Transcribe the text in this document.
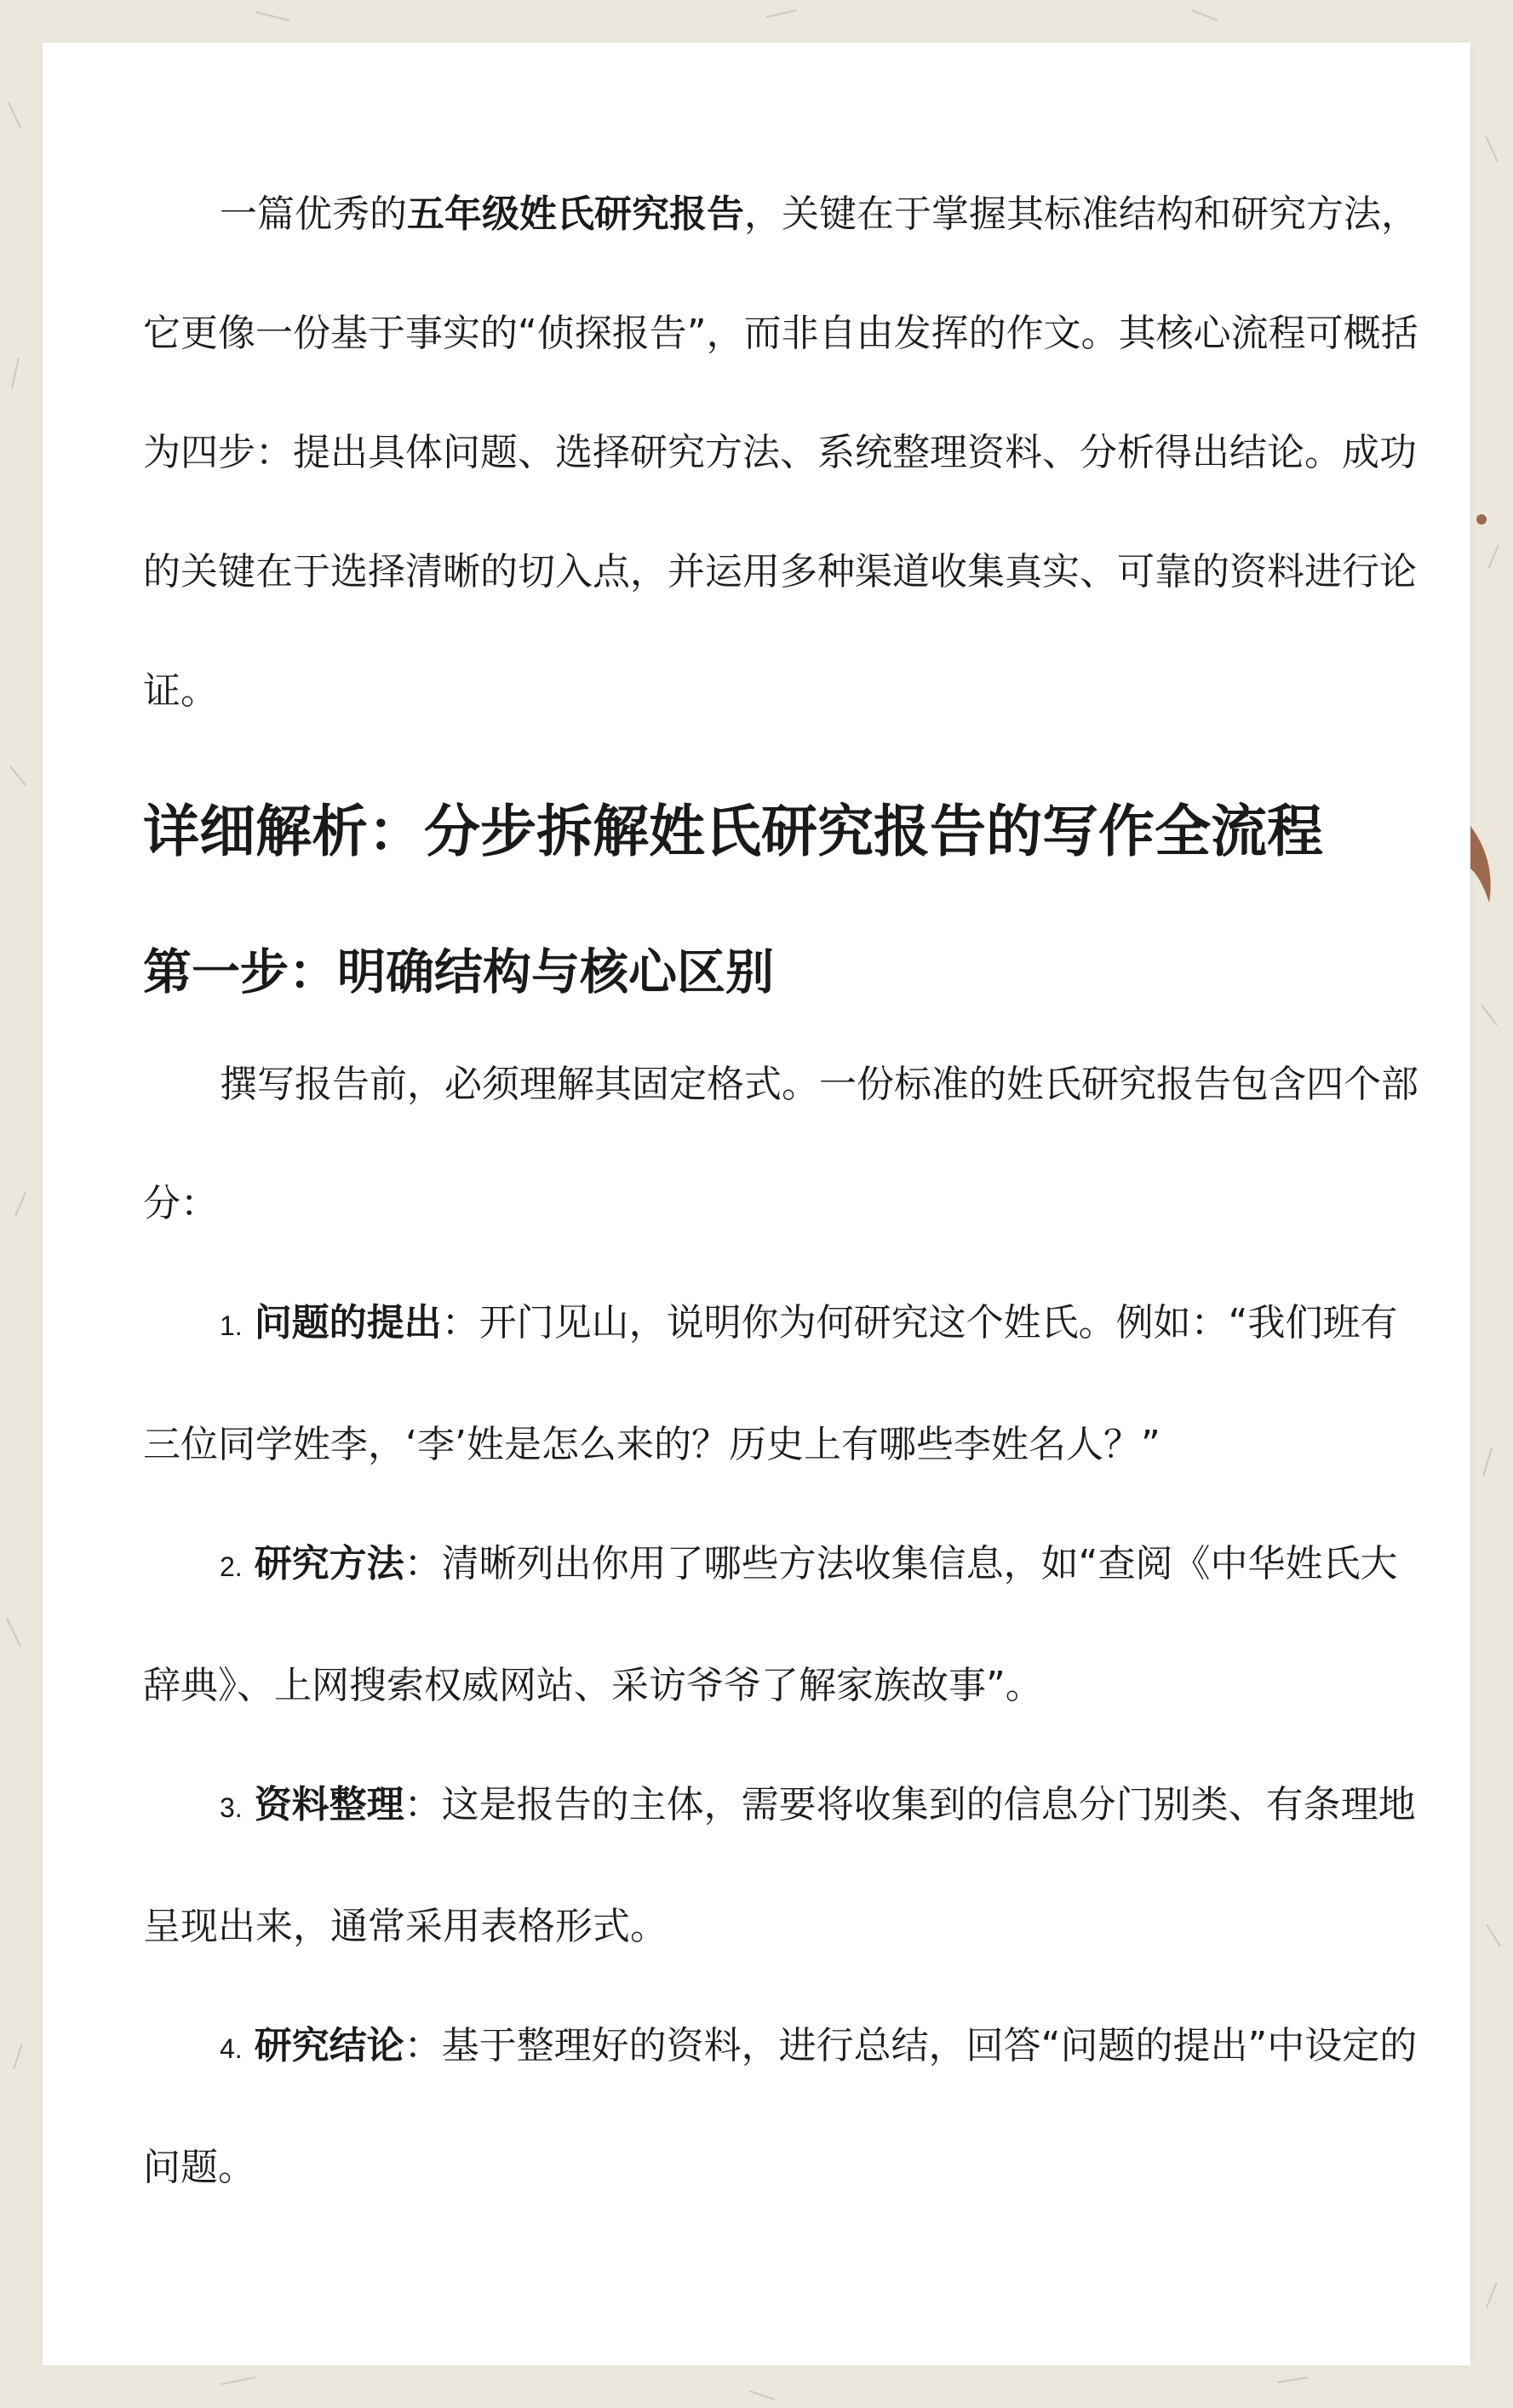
一篇优秀的五年级姓氏研究报告，关键在于掌握其标准结构和研究方法，它更像一份基于事实的“侦探报告”，而非自由发挥的作文。其核心流程可概括为四步：提出具体问题、选择研究方法、系统整理资料、分析得出结论。成功的关键在于选择清晰的切入点，并运用多种渠道收集真实、可靠的资料进行论证。

详细解析：分步拆解姓氏研究报告的写作全流程
第一步：明确结构与核心区别

撰写报告前，必须理解其固定格式。一份标准的姓氏研究报告包含四个部分：

1. 问题的提出：开门见山，说明你为何研究这个姓氏。例如：“我们班有三位同学姓李，‘李’姓是怎么来的？历史上有哪些李姓名人？”

2. 研究方法：清晰列出你用了哪些方法收集信息，如“查阅《中华姓氏大辞典》、上网搜索权威网站、采访爷爷了解家族故事”。

3. 资料整理：这是报告的主体，需要将收集到的信息分门别类、有条理地呈现出来，通常采用表格形式。

4. 研究结论：基于整理好的资料，进行总结，回答“问题的提出”中设定的问题。
